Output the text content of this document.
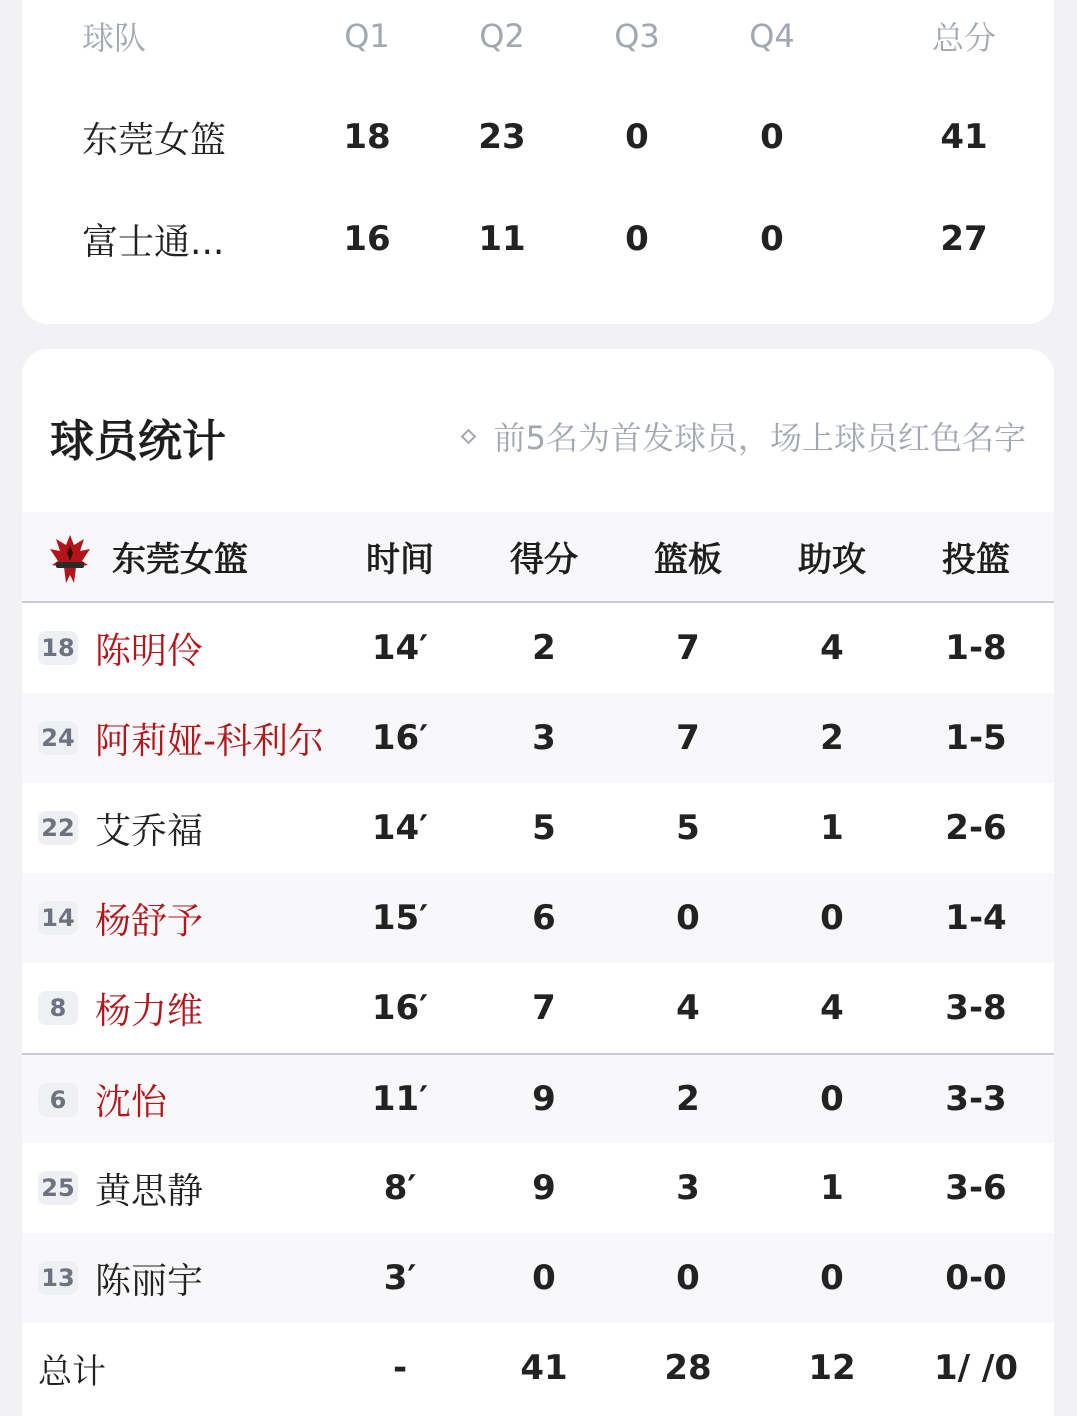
球队	Q1	Q2	Q3	Q4	总分
东莞女篮	18	23	0	0	41
富士通...	16	11	0	0	27
球员统计	前5名为首发球员，场上球员红色名字
东莞女篮	时间	得分	篮板	助攻	投篮
18 陈明伶	14′	2	7	4	1-8
24 阿莉娅-科利尔	16′	3	7	2	1-5
22 艾乔福	14′	5	5	1	2-6
14 杨舒予	15′	6	0	0	1-4
8 杨力维	16′	7	4	4	3-8
6 沈怡	11′	9	2	0	3-3
25 黄思静	8′	9	3	1	3-6
13 陈丽宇	3′	0	0	0	0-0
总计	-	41	28	12	1/ /0
